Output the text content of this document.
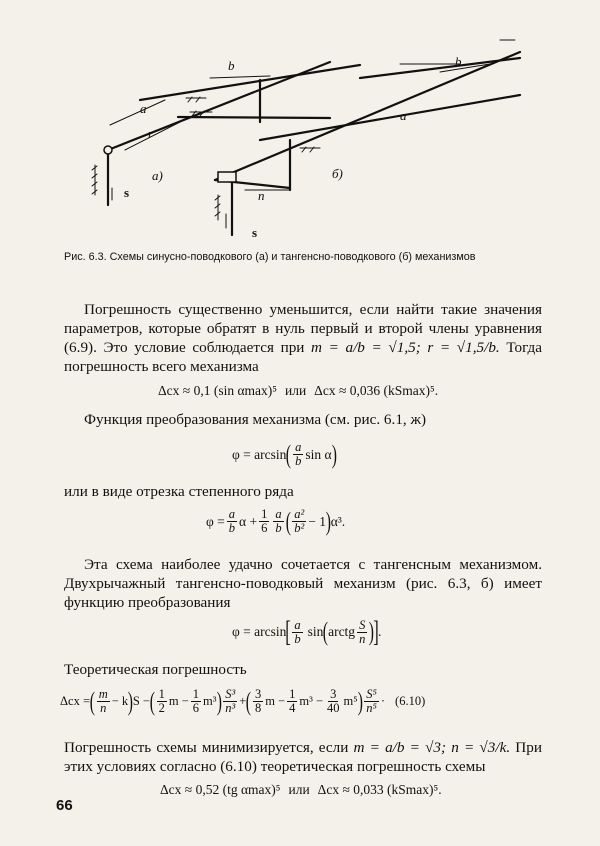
a
r
b
a)
s
b
a
б)
n
s
Рис. 6.3. Схемы синусно-поводкового (а) и тангенсно-поводкового (б) механизмов
Погрешность существенно уменьшится, если найти такие значения параметров, которые обратят в нуль первый и второй члены уравнения (6.9). Это условие соблюдается при m = a/b = √1,5; r = √1,5/b. Тогда погрешность всего механизма
Δcx ≈ 0,1 (sin αmax)⁵ или Δcx ≈ 0,036 (kSmax)⁵.
Функция преобразования механизма (см. рис. 6.1, ж)
φ = arcsin ( $\frac{a}{b}$ sin α )
или в виде отрезка степенного ряда
$\varphi = \frac{a}{b}$ $\alpha + \frac{1}{6} \frac{a}{b}$ ( $\frac{\text{a²}}{\text{b²}} - 1$ ) α³.
Эта схема наиболее удачно сочетается с тангенсным механизмом. Двухрычажный тангенсно-поводковый механизм (рис. 6.3, б) имеет функцию преобразования
φ = arcsin [ $\frac{a}{b}$ sin ( arctg $\frac{S}{n}$ )
] .
Теоретическая погрешность
Δcx = ( $\frac{m}{n} - k$ ) S − ( $\frac{1}{2}$ $m - \frac{1}{6} m^3$ ) $\frac{\text{S³}}{\text{n³}}$ + ( $\frac{3}{8}$ $m - \frac{1}{4} m^3 - \frac{3}{40} m^5$ ) $\frac{\text{S⁵}}{\text{n⁵}} \cdot (6.10)$
Погрешность схемы минимизируется, если m = a/b = √3; n = √3/k. При этих условиях согласно (6.10) теоретическая погрешность схемы
Δcx ≈ 0,52 (tg αmax)⁵ или Δcx ≈ 0,033 (kSmax)⁵.
66
